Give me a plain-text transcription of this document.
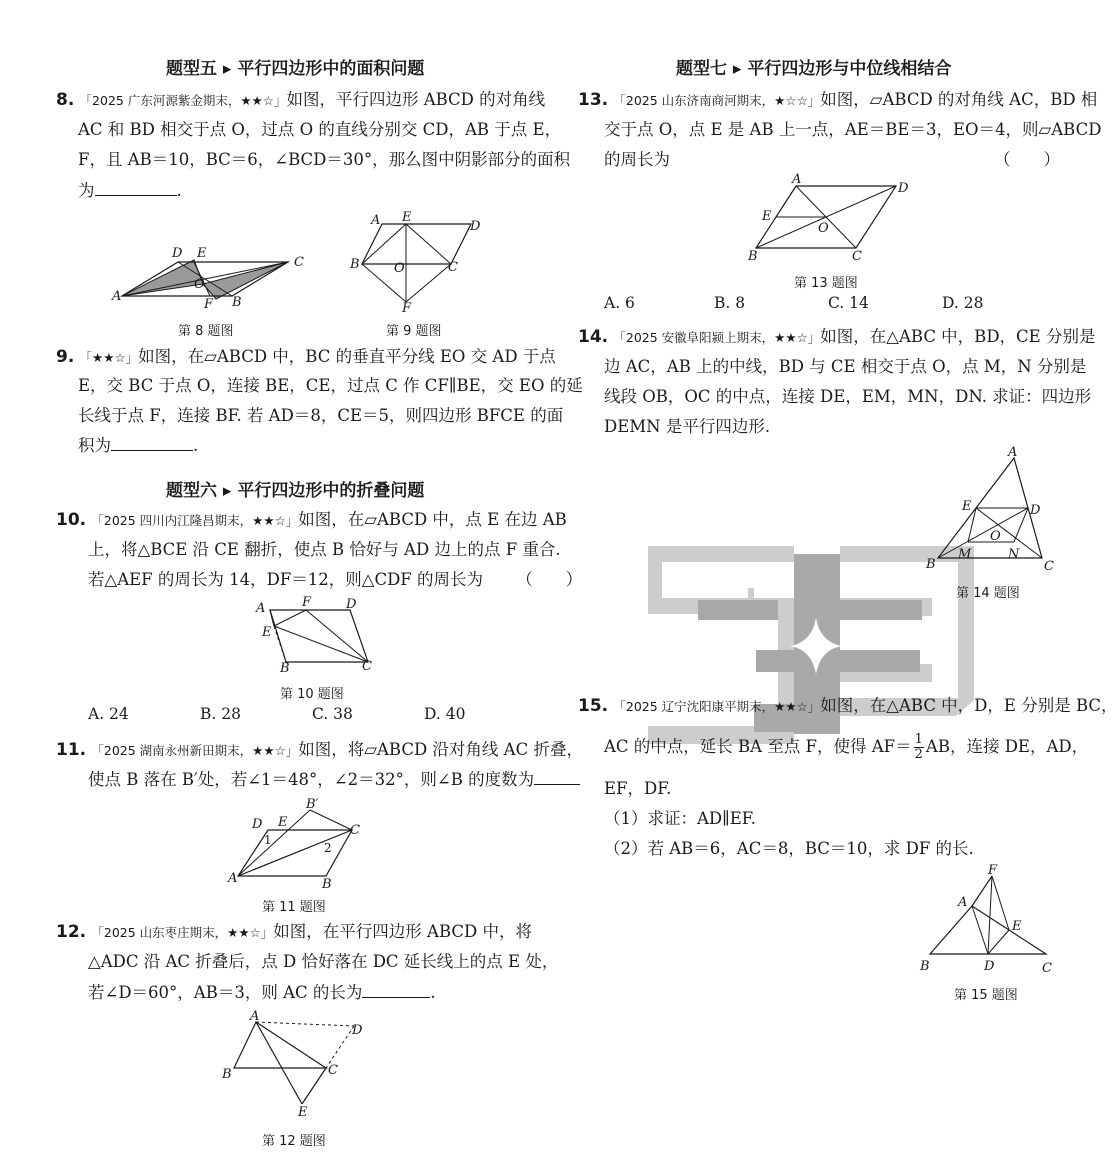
题型五 ▸ 平行四边形中的面积问题
8. 「2025 广东河源紫金期末，★★☆」如图，平行四边形 ABCD 的对角线
AC 和 BD 相交于点 O，过点 O 的直线分别交 CD，AB 于点 E，
F，且 AB＝10，BC＝6，∠BCD＝30°，那么图中阴影部分的面积
为	.
A
D E
C
O
F B
第 8 题图
A E
D
B	O	C
F
第 9 题图
9. 「★★☆」如图，在▱ABCD 中，BC 的垂直平分线 EO 交 AD 于点
E，交 BC 于点 O，连接 BE，CE，过点 C 作 CF∥BE，交 EO 的延
长线于点 F，连接 BF. 若 AD＝8，CE＝5，则四边形 BFCE 的面
积为	.
题型六 ▸ 平行四边形中的折叠问题
10. 「2025 四川内江隆昌期末，★★☆」如图，在▱ABCD 中，点 E 在边 AB
上，将△BCE 沿 CE 翻折，使点 B 恰好与 AD 边上的点 F 重合.
若△AEF 的周长为 14，DF＝12，则△CDF 的周长为 （　　）
A	F	D
E
B	C
第 10 题图
A. 24	B. 28	C. 38	D. 40
11. 「2025 湖南永州新田期末，★★☆」如图，将▱ABCD 沿对角线 AC 折叠，
使点 B 落在 B′处，若∠1＝48°，∠2＝32°，则∠B 的度数为
B′
D E
C
1
2
A	B
第 11 题图
12. 「2025 山东枣庄期末，★★☆」如图，在平行四边形 ABCD 中，将
△ADC 沿 AC 折叠后，点 D 恰好落在 DC 延长线上的点 E 处，
若∠D＝60°，AB＝3，则 AC 的长为	.
A
D
B	C
E
第 12 题图
题型七 ▸ 平行四边形与中位线相结合
13. 「2025 山东济南商河期末，★☆☆」如图，▱ABCD 的对角线 AC，BD 相
交于点 O，点 E 是 AB 上一点，AE＝BE＝3，EO＝4，则▱ABCD
的周长为	（　　）
A
D
E
O
B	C
第 13 题图
A. 6	B. 8	C. 14	D. 28
14. 「2025 安徽阜阳颍上期末，★★☆」如图，在△ABC 中，BD，CE 分别是
边 AC，AB 上的中线，BD 与 CE 相交于点 O，点 M，N 分别是
线段 OB，OC 的中点，连接 DE，EM，MN，DN. 求证：四边形
DEMN 是平行四边形.
A
E	D
O
M	N
B	C
第 14 题图
15. 「2025 辽宁沈阳康平期末，★★☆」如图，在△ABC 中，D，E 分别是 BC，
AC 的中点，延长 BA 至点 F，使得 $AF= \frac{1}{2}$ AB，连接 DE，AD，
EF，DF.
（1）求证：AD∥EF.
（2）若 AB＝6，AC＝8，BC＝10，求 DF 的长.
F
A
E
B	D	C
第 15 题图
